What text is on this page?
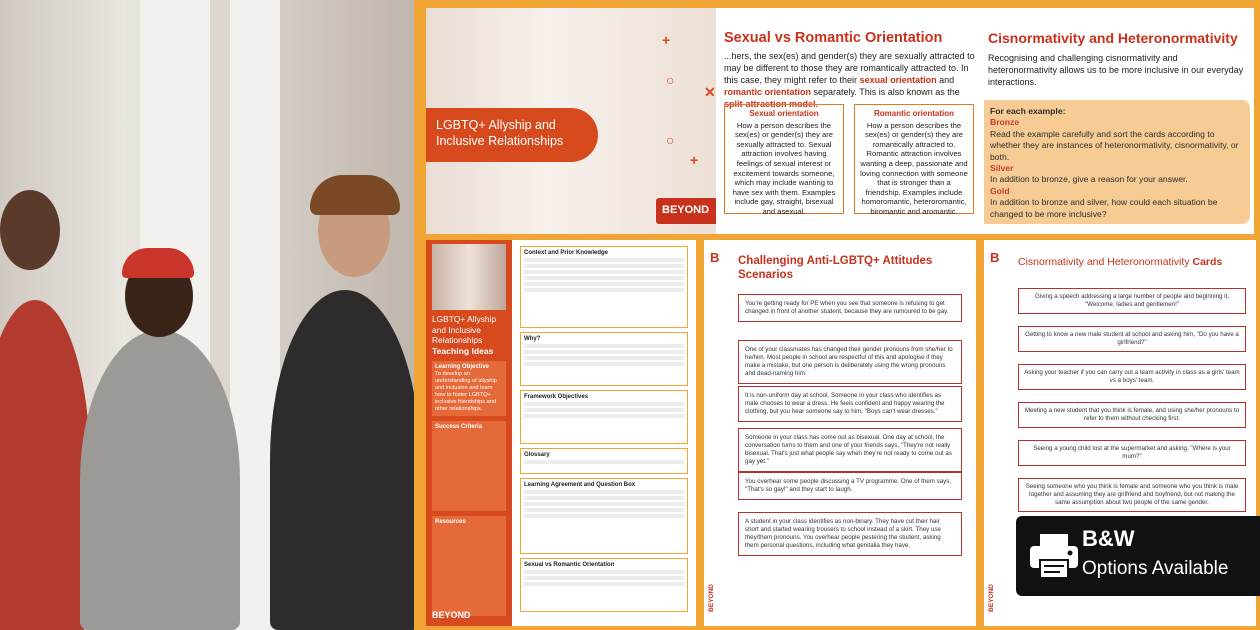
+
✕
○
○
+
LGBTQ+ Allyship and Inclusive Relationships
BEYOND
Sexual vs Romantic Orientation
...hers, the sex(es) and gender(s) they are sexually attracted to may be different to those they are romantically attracted to. In this case, they might refer to their sexual orientation and romantic orientation separately. This is also known as the split-attraction model.
Sexual orientation
How a person describes the sex(es) or gender(s) they are sexually attracted to. Sexual attraction involves having feelings of sexual interest or excitement towards someone, which may include wanting to have sex with them. Examples include gay, straight, bisexual and asexual.
Romantic orientation
How a person describes the sex(es) or gender(s) they are romantically attracted to. Romantic attraction involves wanting a deep, passionate and loving connection with someone that is stronger than a friendship. Examples include homoromantic, heteroromantic, biromantic and aromantic.
Cisnormativity and Heteronormativity
Recognising and challenging cisnormativity and heteronormativity allows us to be more inclusive in our everyday interactions.
For each example:
Bronze
Read the example carefully and sort the cards according to whether they are instances of heteronormativity, cisnormativity, or both.
Silver
In addition to bronze, give a reason for your answer.
Gold
In addition to bronze and silver, how could each situation be changed to be more inclusive?
LGBTQ+ Allyship and Inclusive Relationships
Teaching Ideas
Learning Objective
To develop an understanding of allyship and inclusion and learn how to foster LGBTQ+ inclusive friendships and other relationships.
Success Criteria
Resources
BEYOND
Context and Prior Knowledge
Why?
Framework Objectives
Glossary
Learning Agreement and Question Box
Sexual vs Romantic Orientation
B
BEYOND
Challenging Anti-LGBTQ+ Attitudes Scenarios
You're getting ready for PE when you see that someone is refusing to get changed in front of another student, because they are rumoured to be gay.
One of your classmates has changed their gender pronouns from she/her to he/him. Most people in school are respectful of this and apologise if they make a mistake, but one person is deliberately using the wrong pronouns and dead-naming him.
It is non-uniform day at school. Someone in your class who identifies as male chooses to wear a dress. He feels confident and happy wearing the clothing, but you hear someone say to him, "Boys can't wear dresses."
Someone in your class has come out as bisexual. One day at school, the conversation turns to them and one of your friends says, "They're not really bisexual. That's just what people say when they're not ready to come out as gay yet."
You overhear some people discussing a TV programme. One of them says, "That's so gay!" and they start to laugh.
A student in your class identifies as non-binary. They have cut their hair short and started wearing trousers to school instead of a skirt. They use they/them pronouns. You overhear people pestering the student, asking them personal questions, including what genitalia they have.
B
BEYOND
Cisnormativity and Heteronormativity Cards
Giving a speech addressing a large number of people and beginning it, "Welcome, ladies and gentlemen!"
Getting to know a new male student at school and asking him, "Do you have a girlfriend?"
Asking your teacher if you can carry out a team activity in class as a girls' team vs a boys' team.
Meeting a new student that you think is female, and using she/her pronouns to refer to them without checking first.
Seeing a young child lost at the supermarket and asking, "Where is your mum?"
Seeing someone who you think is female and someone who you think is male together and assuming they are girlfriend and boyfriend, but not making the same assumption about two people of the same gender.
B&W
Options Available
